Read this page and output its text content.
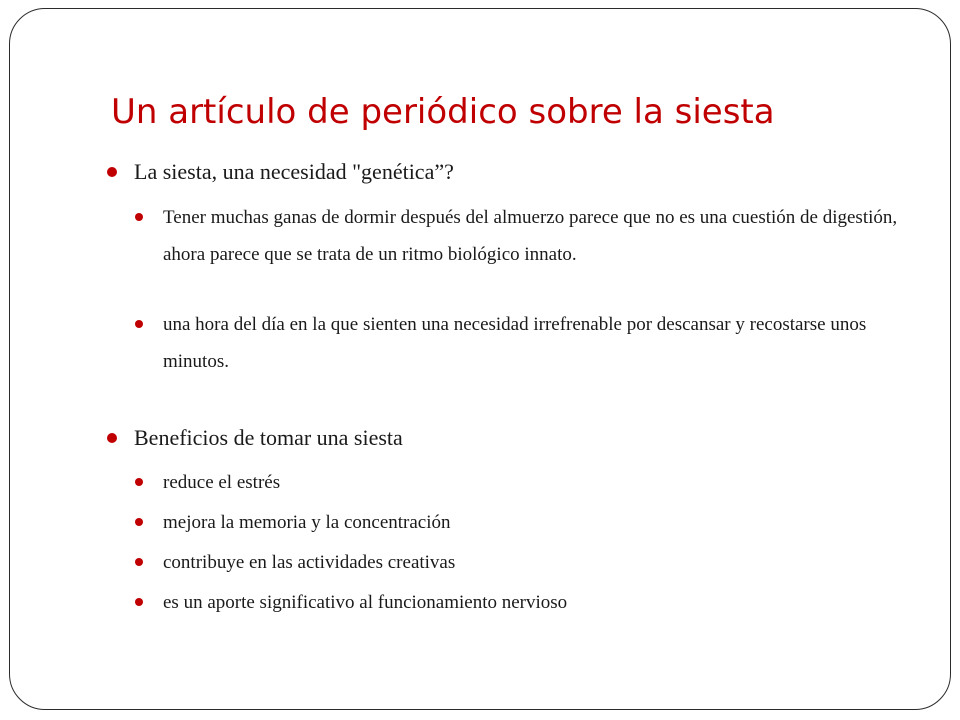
Un artículo de periódico sobre la siesta

La siesta, una necesidad "genética”?

Tener muchas ganas de dormir después del almuerzo parece que no es una cuestión de digestión, ahora parece que se trata de un ritmo biológico innato.

una hora del día en la que sienten una necesidad irrefrenable por descansar y recostarse unos minutos.

Beneficios de tomar una siesta

reduce el estrés

mejora la memoria y la concentración

contribuye en las actividades creativas

es un aporte significativo al funcionamiento nervioso
